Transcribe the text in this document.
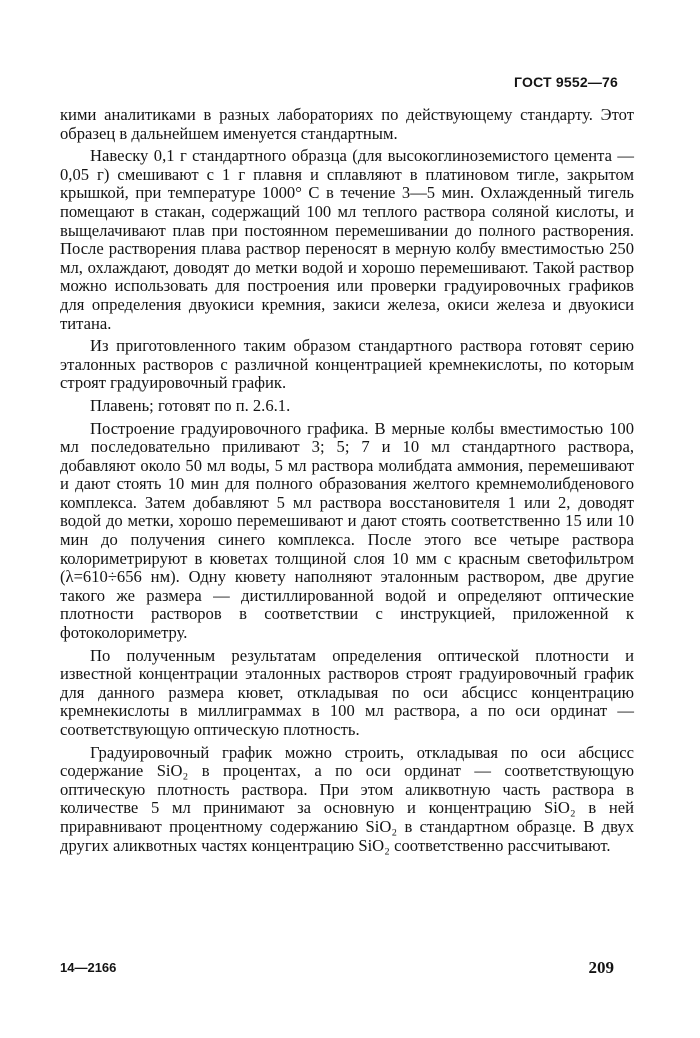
ГОСТ 9552—76

кими аналитиками в разных лабораториях по действующему стандарту. Этот образец в дальнейшем именуется стандартным.

Навеску 0,1 г стандартного образца (для высокоглиноземистого цемента — 0,05 г) смешивают с 1 г плавня и сплавляют в платиновом тигле, закрытом крышкой, при температуре 1000° С в течение 3—5 мин. Охлажденный тигель помещают в стакан, содержащий 100 мл теплого раствора соляной кислоты, и выщелачивают плав при постоянном перемешивании до полного растворения. После растворения плава раствор переносят в мерную колбу вместимостью 250 мл, охлаждают, доводят до метки водой и хорошо перемешивают. Такой раствор можно использовать для построения или проверки градуировочных графиков для определения двуокиси кремния, закиси железа, окиси железа и двуокиси титана.

Из приготовленного таким образом стандартного раствора готовят серию эталонных растворов с различной концентрацией кремнекислоты, по которым строят градуировочный график.

Плавень; готовят по п. 2.6.1.

Построение градуировочного графика. В мерные колбы вместимостью 100 мл последовательно приливают 3; 5; 7 и 10 мл стандартного раствора, добавляют около 50 мл воды, 5 мл раствора молибдата аммония, перемешивают и дают стоять 10 мин для полного образования желтого кремнемолибденового комплекса. Затем добавляют 5 мл раствора восстановителя 1 или 2, доводят водой до метки, хорошо перемешивают и дают стоять соответственно 15 или 10 мин до получения синего комплекса. После этого все четыре раствора колориметрируют в кюветах толщиной слоя 10 мм с красным светофильтром (λ=610÷656 нм). Одну кювету наполняют эталонным раствором, две другие такого же размера — дистиллированной водой и определяют оптические плотности растворов в соответствии с инструкцией, приложенной к фотоколориметру.

По полученным результатам определения оптической плотности и известной концентрации эталонных растворов строят градуировочный график для данного размера кювет, откладывая по оси абсцисс концентрацию кремнекислоты в миллиграммах в 100 мл раствора, а по оси ординат — соответствующую оптическую плотность.

Градуировочный график можно строить, откладывая по оси абсцисс содержание SiO₂ в процентах, а по оси ординат — соответствующую оптическую плотность раствора. При этом аликвотную часть раствора в количестве 5 мл принимают за основную и концентрацию SiO₂ в ней приравнивают процентному содержанию SiO₂ в стандартном образце. В двух других аликвотных частях концентрацию SiO₂ соответственно рассчитывают.

14—2166	209
